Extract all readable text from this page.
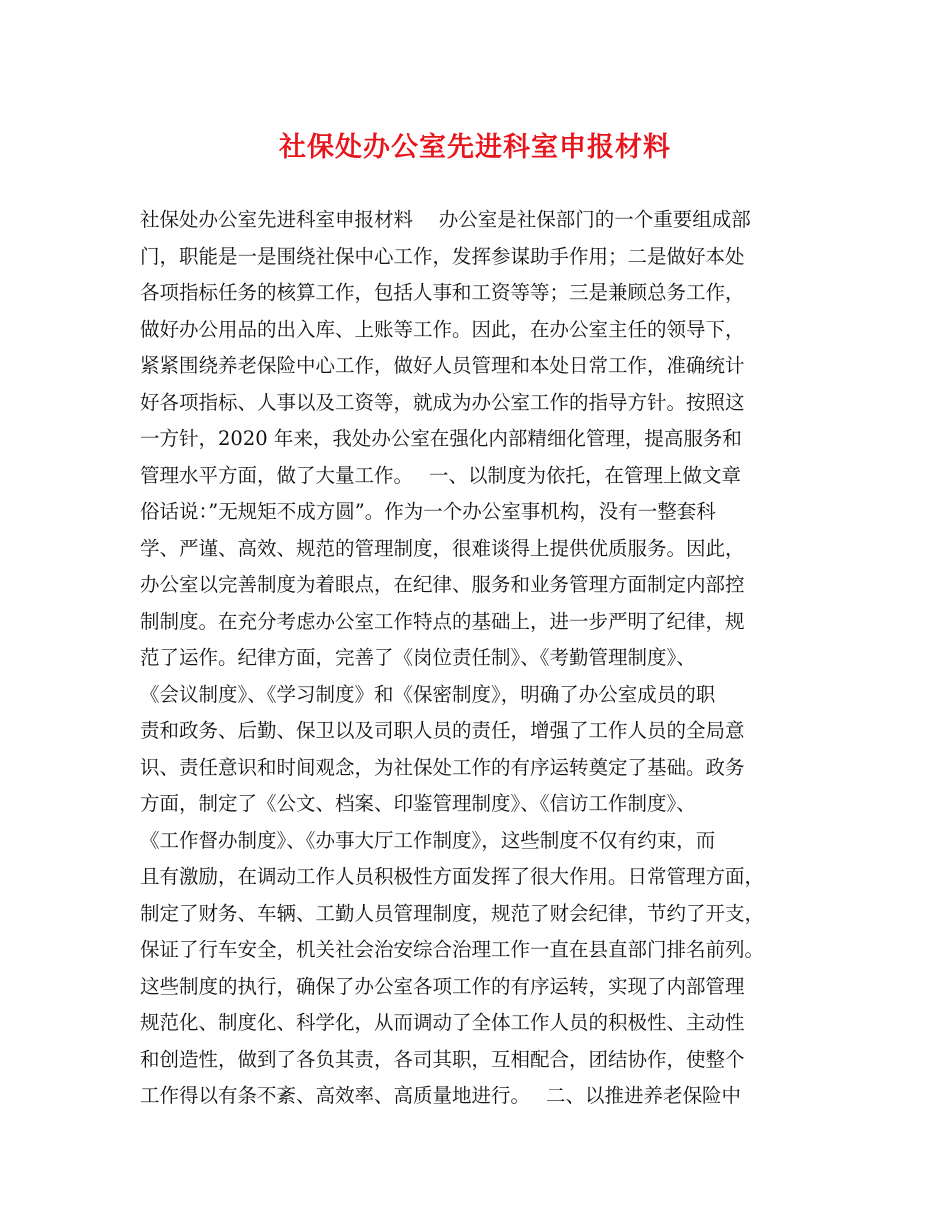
社保处办公室先进科室申报材料
社保处办公室先进科室申报材料　 办公室是社保部门的一个重要组成部
门，职能是一是围绕社保中心工作，发挥参谋助手作用；二是做好本处
各项指标任务的核算工作，包括人事和工资等等；三是兼顾总务工作，
做好办公用品的出入库、上账等工作。因此，在办公室主任的领导下，
紧紧围绕养老保险中心工作，做好人员管理和本处日常工作，准确统计
好各项指标、人事以及工资等，就成为办公室工作的指导方针。按照这
一方针，2020 年来，我处办公室在强化内部精细化管理，提高服务和
管理水平方面，做了大量工作。　 一、以制度为依托，在管理上做文章
俗话说：”无规矩不成方圆”。作为一个办公室事机构，没有一整套科
学、严谨、高效、规范的管理制度，很难谈得上提供优质服务。因此，
办公室以完善制度为着眼点，在纪律、服务和业务管理方面制定内部控
制制度。在充分考虑办公室工作特点的基础上，进一步严明了纪律，规
范了运作。纪律方面，完善了《岗位责任制》、《考勤管理制度》、
《会议制度》、《学习制度》和《保密制度》，明确了办公室成员的职
责和政务、后勤、保卫以及司职人员的责任，增强了工作人员的全局意
识、责任意识和时间观念，为社保处工作的有序运转奠定了基础。政务
方面，制定了《公文、档案、印鉴管理制度》、《信访工作制度》、
《工作督办制度》、《办事大厅工作制度》，这些制度不仅有约束，而
且有激励，在调动工作人员积极性方面发挥了很大作用。日常管理方面，
制定了财务、车辆、工勤人员管理制度，规范了财会纪律，节约了开支，
保证了行车安全，机关社会治安综合治理工作一直在县直部门排名前列。
这些制度的执行，确保了办公室各项工作的有序运转，实现了内部管理
规范化、制度化、科学化，从而调动了全体工作人员的积极性、主动性
和创造性，做到了各负其责，各司其职，互相配合，团结协作，使整个
工作得以有条不紊、高效率、高质量地进行。　 二、以推进养老保险中
